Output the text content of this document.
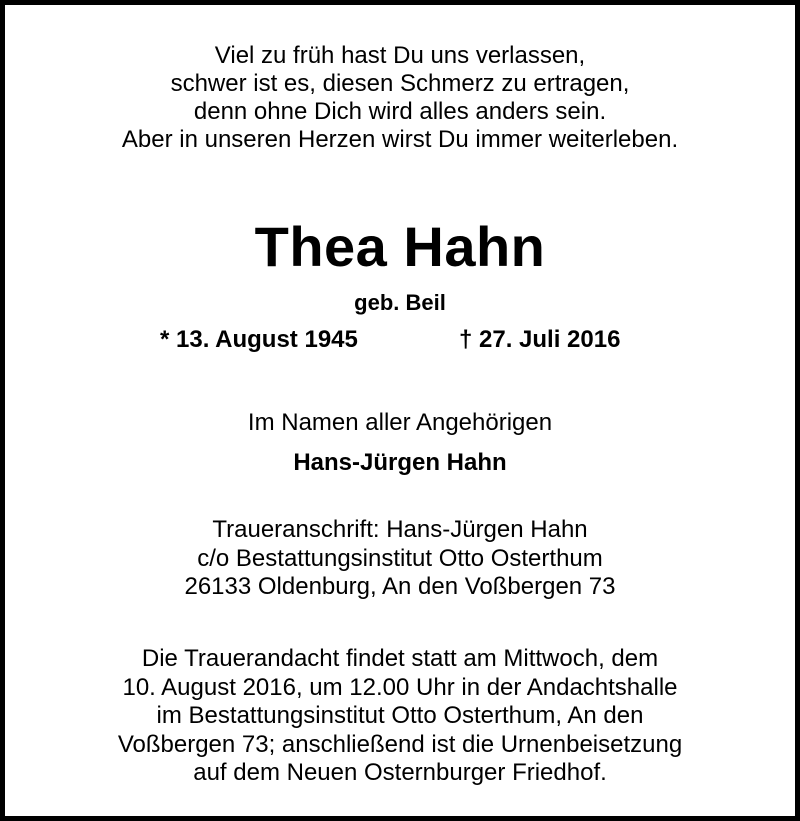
Viel zu früh hast Du uns verlassen,
schwer ist es, diesen Schmerz zu ertragen,
denn ohne Dich wird alles anders sein.
Aber in unseren Herzen wirst Du immer weiterleben.
Thea Hahn
geb. Beil
* 13. August 1945	† 27. Juli 2016
Im Namen aller Angehörigen
Hans-Jürgen Hahn
Traueranschrift: Hans-Jürgen Hahn
c/o Bestattungsinstitut Otto Osterthum
26133 Oldenburg, An den Voßbergen 73
Die Trauerandacht findet statt am Mittwoch, dem
10. August 2016, um 12.00 Uhr in der Andachtshalle
im Bestattungsinstitut Otto Osterthum, An den
Voßbergen 73; anschließend ist die Urnenbeisetzung
auf dem Neuen Osternburger Friedhof.
